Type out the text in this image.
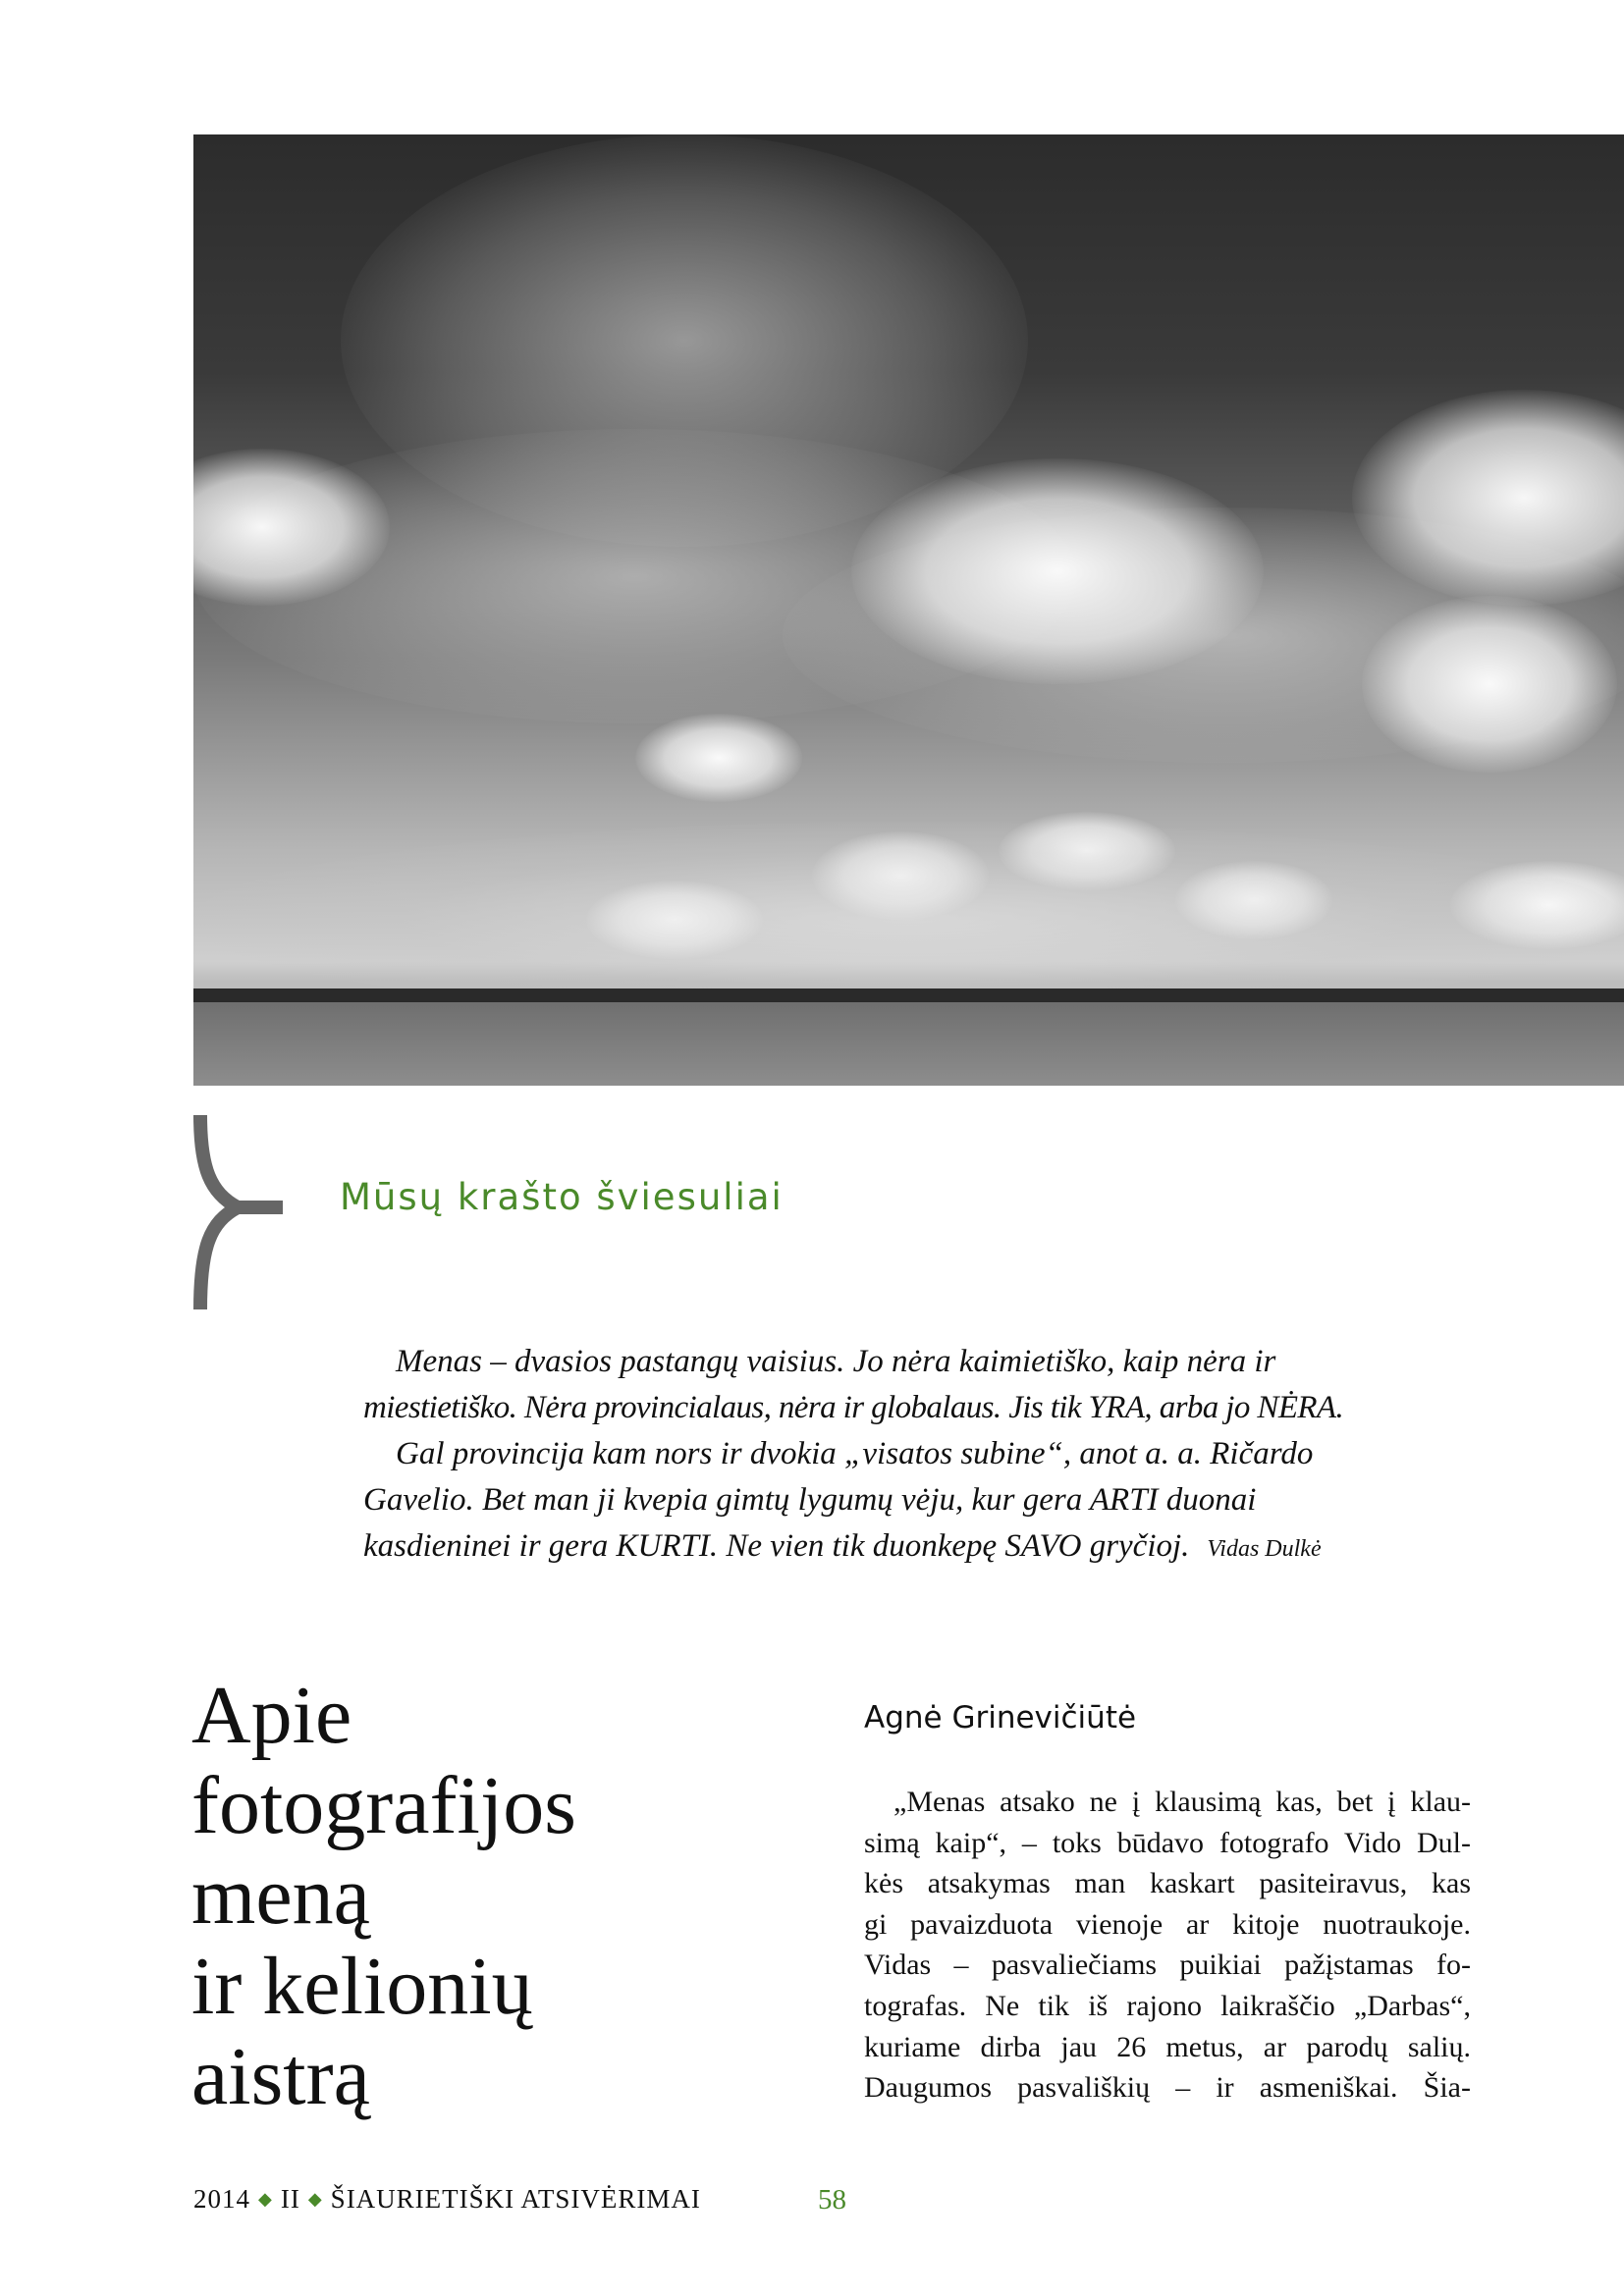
Mūsų krašto šviesuliai

Menas – dvasios pastangų vaisius. Jo nėra kaimietiško, kaip nėra ir

miestietiško. Nėra provincialaus, nėra ir globalaus. Jis tik YRA, arba jo NĖRA.

Gal provincija kam nors ir dvokia „visatos subine“, anot a. a. Ričardo

Gavelio. Bet man ji kvepia gimtų lygumų vėju, kur gera ARTI duonai

kasdieninei ir gera KURTI. Ne vien tik duonkepę SAVO gryčioj. Vidas Dulkė

Apie
fotografijos
meną
ir kelionių
aistrą
Agnė Grinevičiūtė
„Menas atsako ne į klausimą kas, bet į klau-
simą kaip“, – toks būdavo fotografo Vido Dul-
kės atsakymas man kaskart pasiteiravus, kas
gi pavaizduota vienoje ar kitoje nuotraukoje.
Vidas – pasvaliečiams puikiai pažįstamas fo-
tografas. Ne tik iš rajono laikraščio „Darbas“,
kuriame dirba jau 26 metus, ar parodų salių.
Daugumos pasvališkių – ir asmeniškai. Šia-
2014 ◆ II ◆ ŠIAURIETIŠKI ATSIVĖRIMAI	58
